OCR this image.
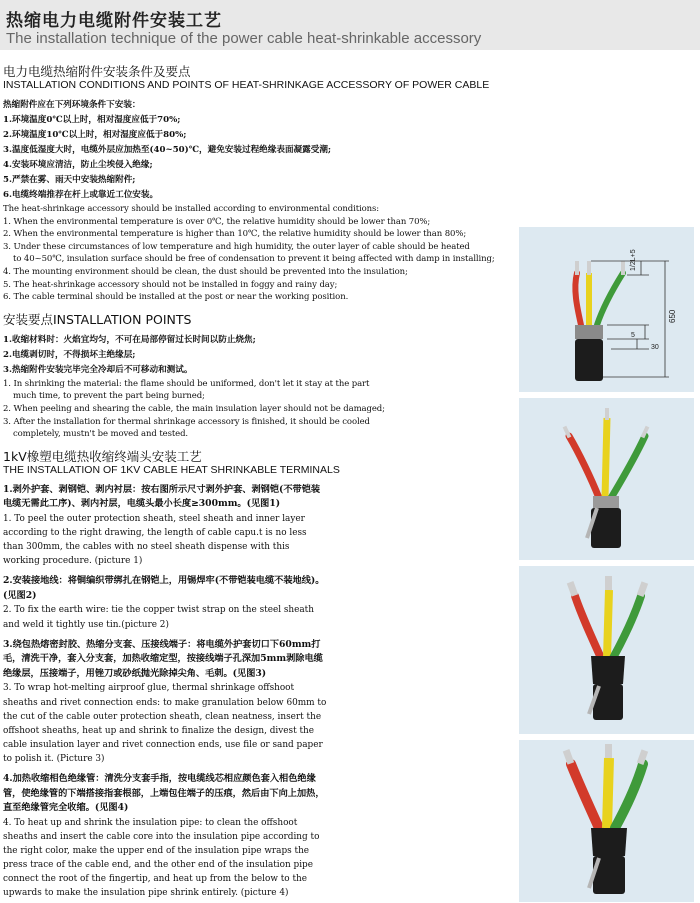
热缩电力电缆附件安装工艺
The installation technique of the power cable heat-shrinkable accessory
电力电缆热缩附件安装条件及要点
INSTALLATION CONDITIONS AND POINTS OF HEAT-SHRINKAGE ACCESSORY OF POWER CABLE
热缩附件应在下列环境条件下安装：
1.环境温度0℃以上时，相对湿度应低于70%;
2.环境温度10℃以上时，相对湿度应低于80%;
3.温度低湿度大时，电缆外层应加热至(40~50)℃，避免安装过程绝缘表面凝露受潮;
4.安装环境应清洁，防止尘埃侵入绝缘;
5.严禁在雾、雨天中安装热缩附件;
6.电缆终端推荐在杆上或靠近工位安装。
The heat-shrinkage accessory should be installed according to environmental conditions:
1. When the environmental temperature is over 0℃, the relative humidity should be lower than 70%;
2. When the environmental temperature is higher than 10℃, the relative humidity should be lower than 80%;
3. Under these circumstances of low temperature and high humidity, the outer layer of cable should be heated
to 40~50℃, insulation surface should be free of condensation to prevent it being affected with damp in installing;
4. The mounting environment should be clean, the dust should be prevented into the insulation;
5. The heat-shrinkage accessory should not be installed in foggy and rainy day;
6. The cable terminal should be installed at the post or near the working position.
安装要点INSTALLATION POINTS
1.收缩材料时：火焰宜均匀，不可在局部停留过长时间以防止烧焦;
2.电缆剥切时，不得损坏主绝缘层;
3.热缩附件安装完毕完全冷却后不可移动和测试。
1. In shrinking the material: the flame should be uniformed, don't let it stay at the part
much time, to prevent the part being burned;
2. When peeling and shearing the cable, the main insulation layer should not be damaged;
3. After the installation for thermal shrinkage accessory is finished, it should be cooled
completely, mustn't be moved and tested.
1kV橡塑电缆热收缩终端头安装工艺
THE INSTALLATION OF 1KV CABLE HEAT SHRINKABLE TERMINALS
1.剥外护套、剥钢铠、剥内衬层：按右图所示尺寸剥外护套、剥钢铠(不带铠装电缆无需此工序)、剥内衬层，电缆头最小长度≥300mm。(见图1)
1. To peel the outer protection sheath, steel sheath and inner layer according to the right drawing, the length of cable capu.t is no less than 300mm, the cables with no steel sheath dispense with this working procedure. (picture 1)
2.安装接地线：将铜编织带绑扎在钢铠上，用锡焊牢(不带铠装电缆不装地线)。(见图2)
2. To fix the earth wire: tie the copper twist strap on the steel sheath and weld it tightly use tin.(picture 2)
3.绕包热熔密封胶、热缩分支套、压接线端子：将电缆外护套切口下60mm打毛，清洗干净，套入分支套，加热收缩定型，按接线端子孔深加5mm剥除电缆绝缘层，压接端子，用锉刀或砂纸抛光除掉尖角、毛刺。(见图3)
3. To wrap hot-melting airproof glue, thermal shrinkage offshoot sheaths and rivet connection ends: to make granulation below 60mm to the cut of the cable outer protection sheath, clean neatness, insert the offshoot sheaths, heat up and shrink to finalize the design, divest the cable insulation layer and rivet connection ends, use file or sand paper to polish it. (Picture 3)
4.加热收缩相色绝缘管：清洗分支套手指，按电缆线芯相应颜色套入相色绝缘管，使绝缘管的下端搭接指套根部，上端包住端子的压痕，然后由下向上加热，直至绝缘管完全收缩。(见图4)
4. To heat up and shrink the insulation pipe: to clean the offshoot sheaths and insert the cable core into the insulation pipe according to the right color, make the upper end of the insulation pipe wraps the press trace of the cable end, and the other end of the insulation pipe connect the root of the fingertip, and heat up from the below to the upwards to make the insulation pipe shrink entirely. (picture 4)
1/2L+5
650
5
30
